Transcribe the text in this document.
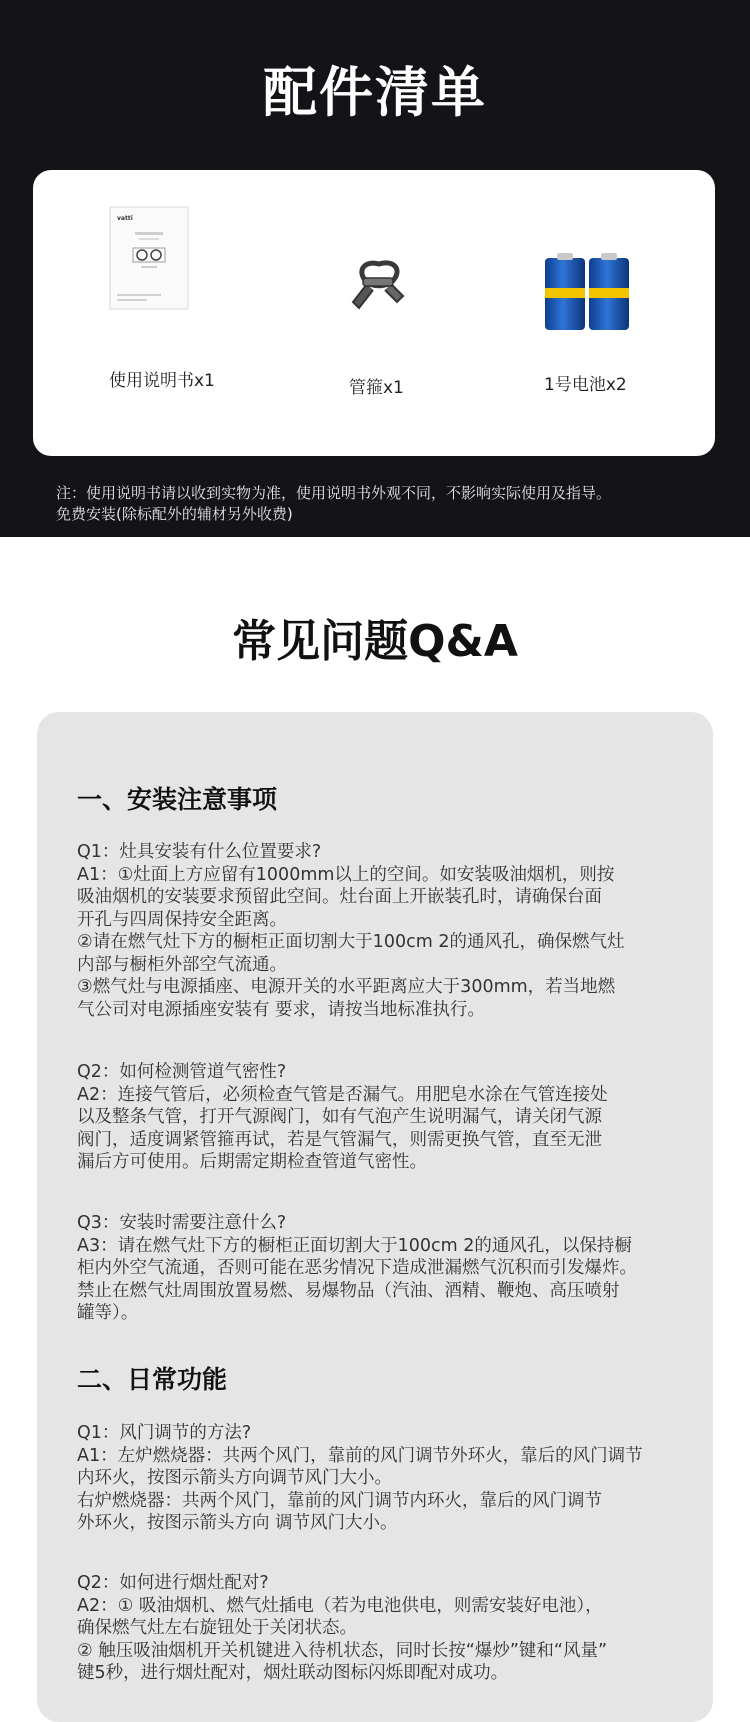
配件清单
vatti
使用说明书x1	管箍x1	1号电池x2
注：使用说明书请以收到实物为准，使用说明书外观不同，不影响实际使用及指导。
免费安装(除标配外的辅材另外收费)
常见问题Q&A
一、安装注意事项

Q1：灶具安装有什么位置要求?

A1：①灶面上方应留有1000mm以上的空间。如安装吸油烟机，则按

吸油烟机的安装要求预留此空间。灶台面上开嵌装孔时，请确保台面

开孔与四周保持安全距离。

②请在燃气灶下方的橱柜正面切割大于100cm 2的通风孔，确保燃气灶

内部与橱柜外部空气流通。

③燃气灶与电源插座、电源开关的水平距离应大于300mm，若当地燃

气公司对电源插座安装有 要求，请按当地标准执行。

Q2：如何检测管道气密性?

A2：连接气管后，必须检查气管是否漏气。用肥皂水涂在气管连接处

以及整条气管，打开气源阀门，如有气泡产生说明漏气，请关闭气源

阀门，适度调紧管箍再试，若是气管漏气，则需更换气管，直至无泄

漏后方可使用。后期需定期检查管道气密性。

Q3：安装时需要注意什么?

A3：请在燃气灶下方的橱柜正面切割大于100cm 2的通风孔，以保持橱

柜内外空气流通，否则可能在恶劣情况下造成泄漏燃气沉积而引发爆炸。

禁止在燃气灶周围放置易燃、易爆物品（汽油、酒精、鞭炮、高压喷射

罐等）。

二、日常功能

Q1：风门调节的方法?

A1：左炉燃烧器：共两个风门，靠前的风门调节外环火，靠后的风门调节

内环火，按图示箭头方向调节风门大小。

右炉燃烧器：共两个风门，靠前的风门调节内环火，靠后的风门调节

外环火，按图示箭头方向 调节风门大小。

Q2：如何进行烟灶配对?

A2：① 吸油烟机、燃气灶插电（若为电池供电，则需安装好电池），

确保燃气灶左右旋钮处于关闭状态。

② 触压吸油烟机开关机键进入待机状态，同时长按“爆炒”键和“风量”

键5秒，进行烟灶配对，烟灶联动图标闪烁即配对成功。
